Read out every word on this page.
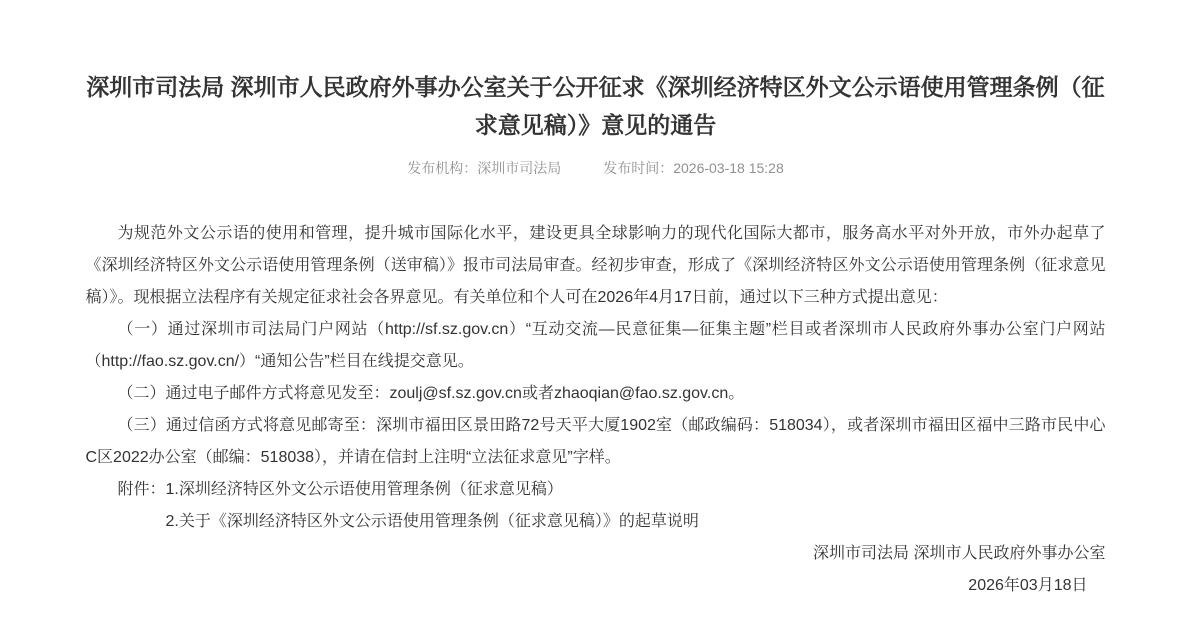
深圳市司法局 深圳市人民政府外事办公室关于公开征求《深圳经济特区外文公示语使用管理条例（征求意见稿）》意见的通告
发布机构：深圳市司法局	发布时间：2026-03-18 15:28

为规范外文公示语的使用和管理，提升城市国际化水平，建设更具全球影响力的现代化国际大都市，服务高水平对外开放，市外办起草了《深圳经济特区外文公示语使用管理条例（送审稿）》报市司法局审查。经初步审查，形成了《深圳经济特区外文公示语使用管理条例（征求意见稿）》。现根据立法程序有关规定征求社会各界意见。有关单位和个人可在2026年4月17日前，通过以下三种方式提出意见：

（一）通过深圳市司法局门户网站（http://sf.sz.gov.cn）“互动交流—民意征集—征集主题”栏目或者深圳市人民政府外事办公室门户网站（http://fao.sz.gov.cn/）“通知公告”栏目在线提交意见。

（二）通过电子邮件方式将意见发至：zoulj@sf.sz.gov.cn或者zhaoqian@fao.sz.gov.cn。

（三）通过信函方式将意见邮寄至：深圳市福田区景田路72号天平大厦1902室（邮政编码：518034），或者深圳市福田区福中三路市民中心C区2022办公室（邮编：518038），并请在信封上注明“立法征求意见”字样。

附件：1.深圳经济特区外文公示语使用管理条例（征求意见稿）

2.关于《深圳经济特区外文公示语使用管理条例（征求意见稿）》的起草说明

深圳市司法局 深圳市人民政府外事办公室

2026年03月18日
